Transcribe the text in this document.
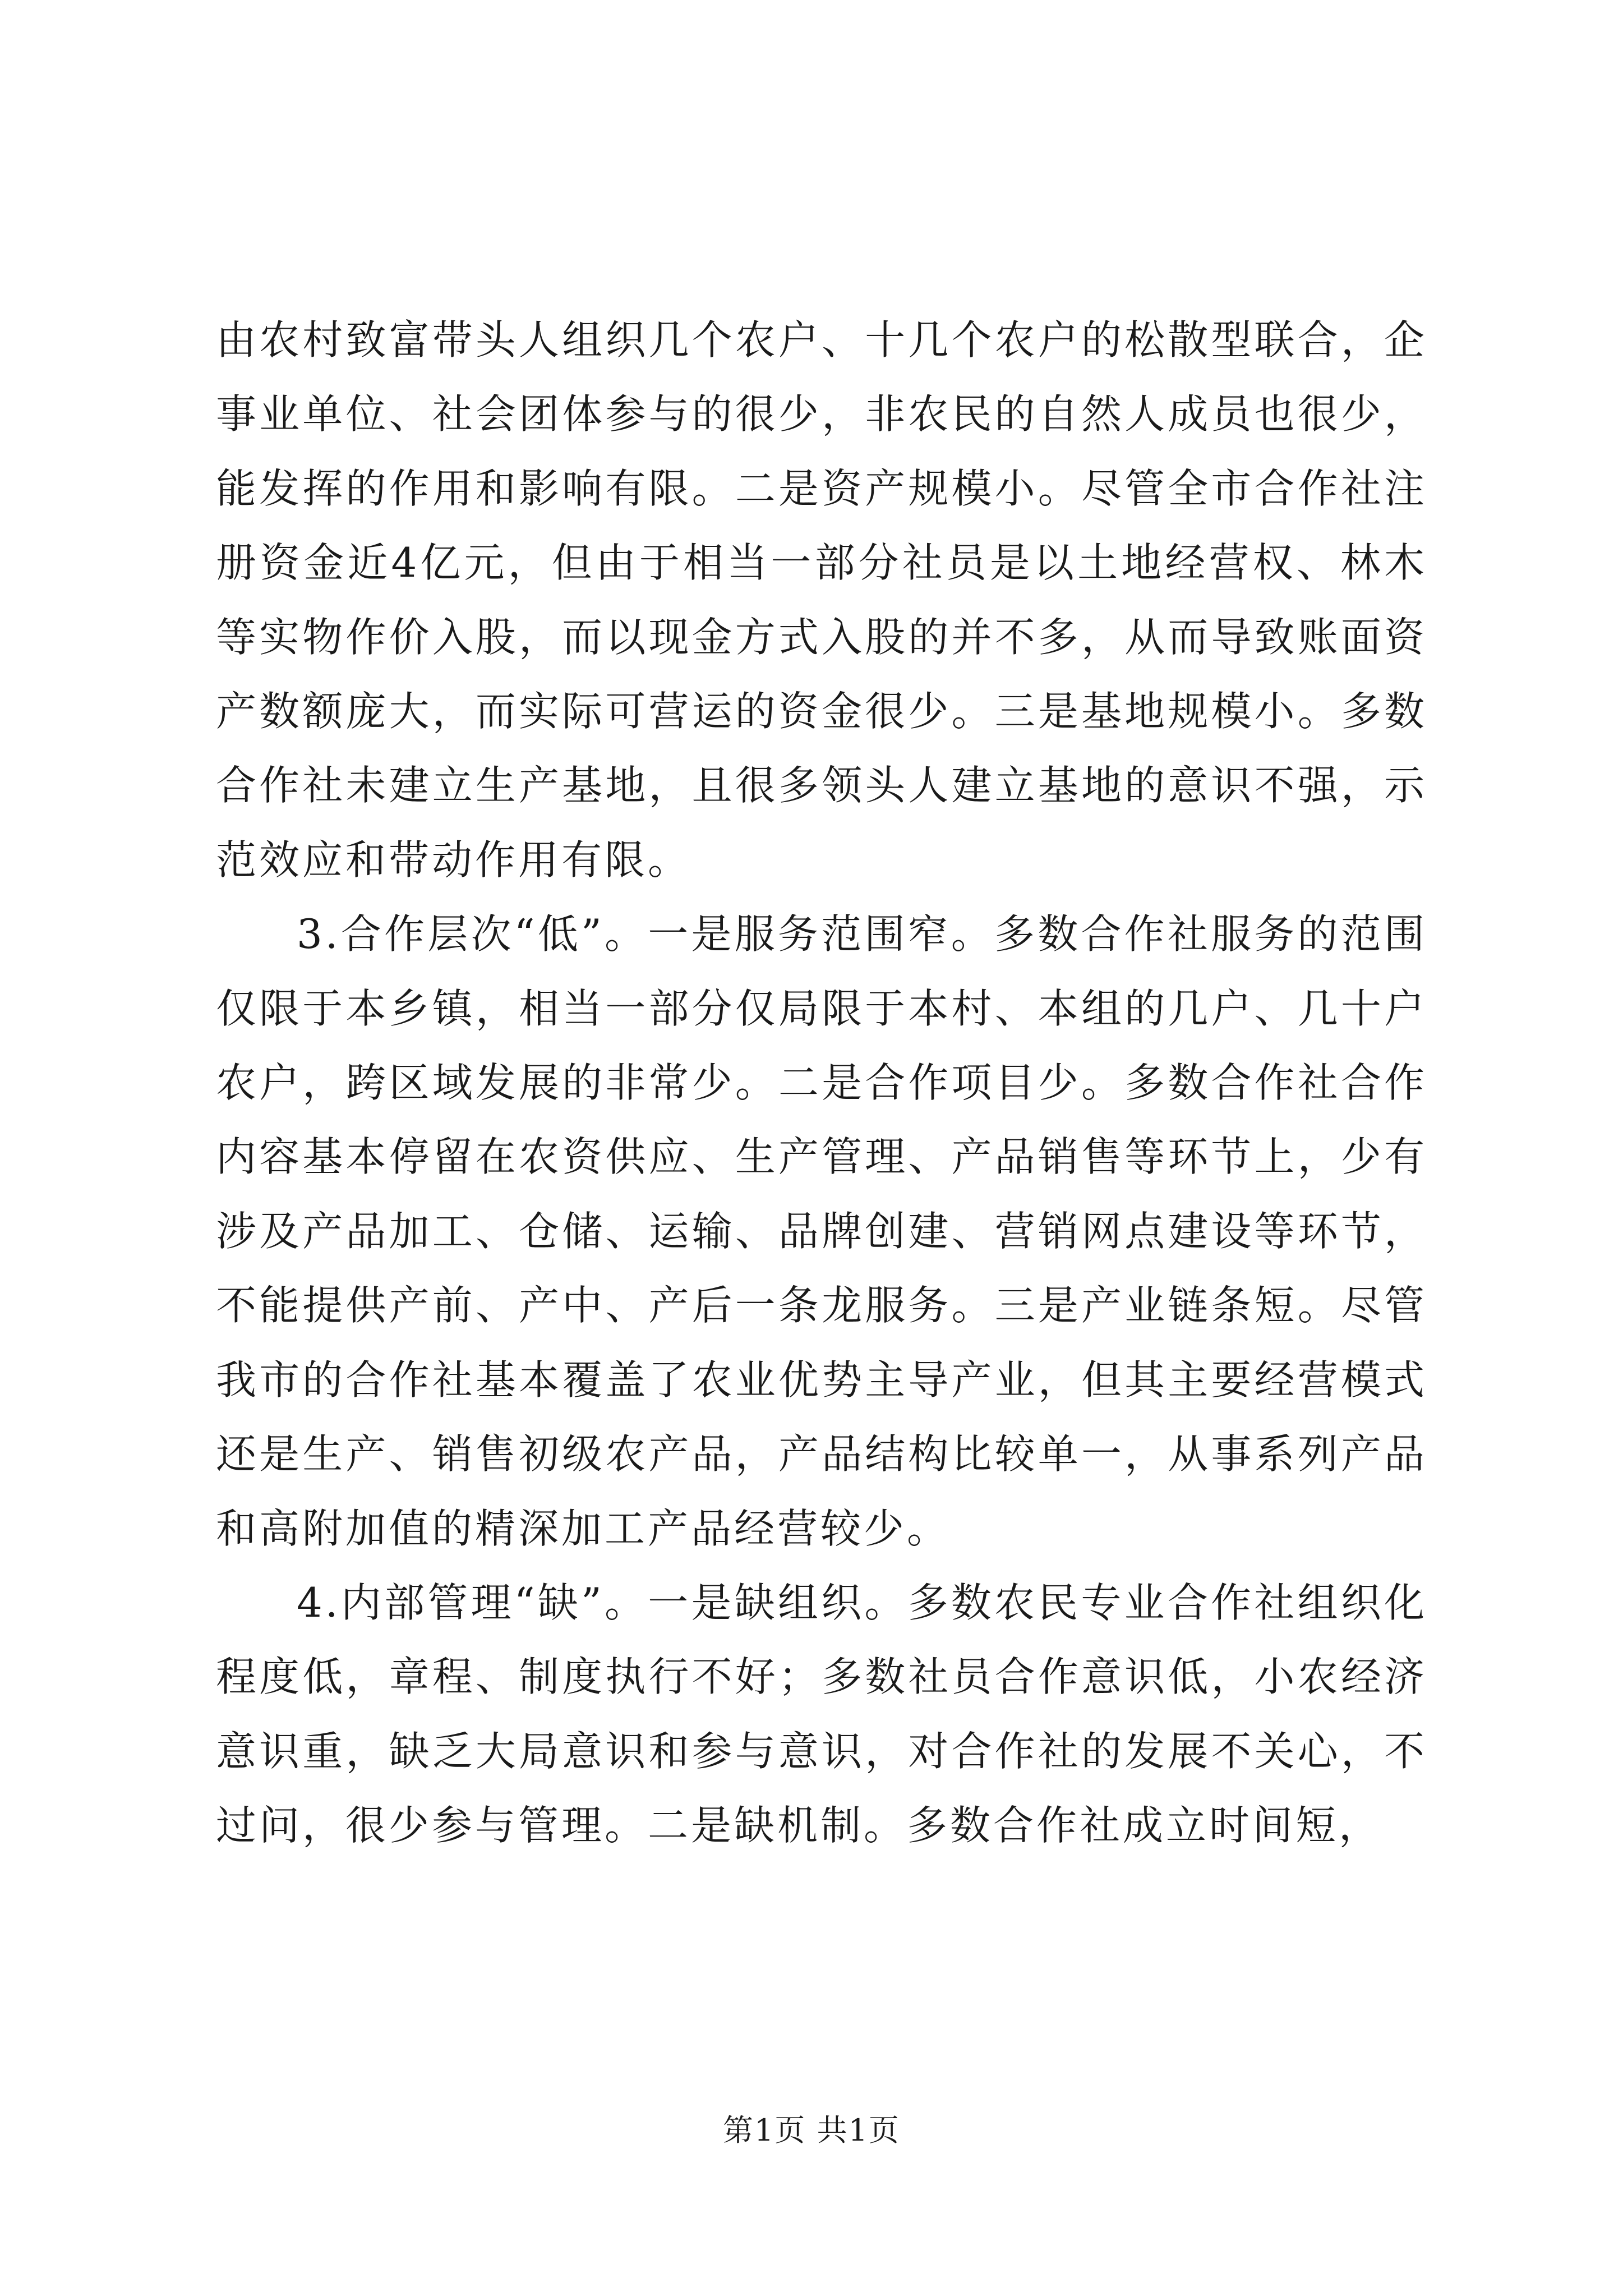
由农村致富带头人组织几个农户、十几个农户的松散型联合，企事业单位、社会团体参与的很少，非农民的自然人成员也很少，能发挥的作用和影响有限。二是资产规模小。尽管全市合作社注册资金近4亿元，但由于相当一部分社员是以土地经营权、林木等实物作价入股，而以现金方式入股的并不多，从而导致账面资产数额庞大，而实际可营运的资金很少。三是基地规模小。多数合作社未建立生产基地，且很多领头人建立基地的意识不强，示范效应和带动作用有限。

3.合作层次“低”。一是服务范围窄。多数合作社服务的范围仅限于本乡镇，相当一部分仅局限于本村、本组的几户、几十户农户，跨区域发展的非常少。二是合作项目少。多数合作社合作内容基本停留在农资供应、生产管理、产品销售等环节上，少有涉及产品加工、仓储、运输、品牌创建、营销网点建设等环节，不能提供产前、产中、产后一条龙服务。三是产业链条短。尽管我市的合作社基本覆盖了农业优势主导产业，但其主要经营模式还是生产、销售初级农产品，产品结构比较单一，从事系列产品和高附加值的精深加工产品经营较少。

4.内部管理“缺”。一是缺组织。多数农民专业合作社组织化程度低，章程、制度执行不好；多数社员合作意识低，小农经济意识重，缺乏大局意识和参与意识，对合作社的发展不关心，不过问，很少参与管理。二是缺机制。多数合作社成立时间短，

第1页 共1页
